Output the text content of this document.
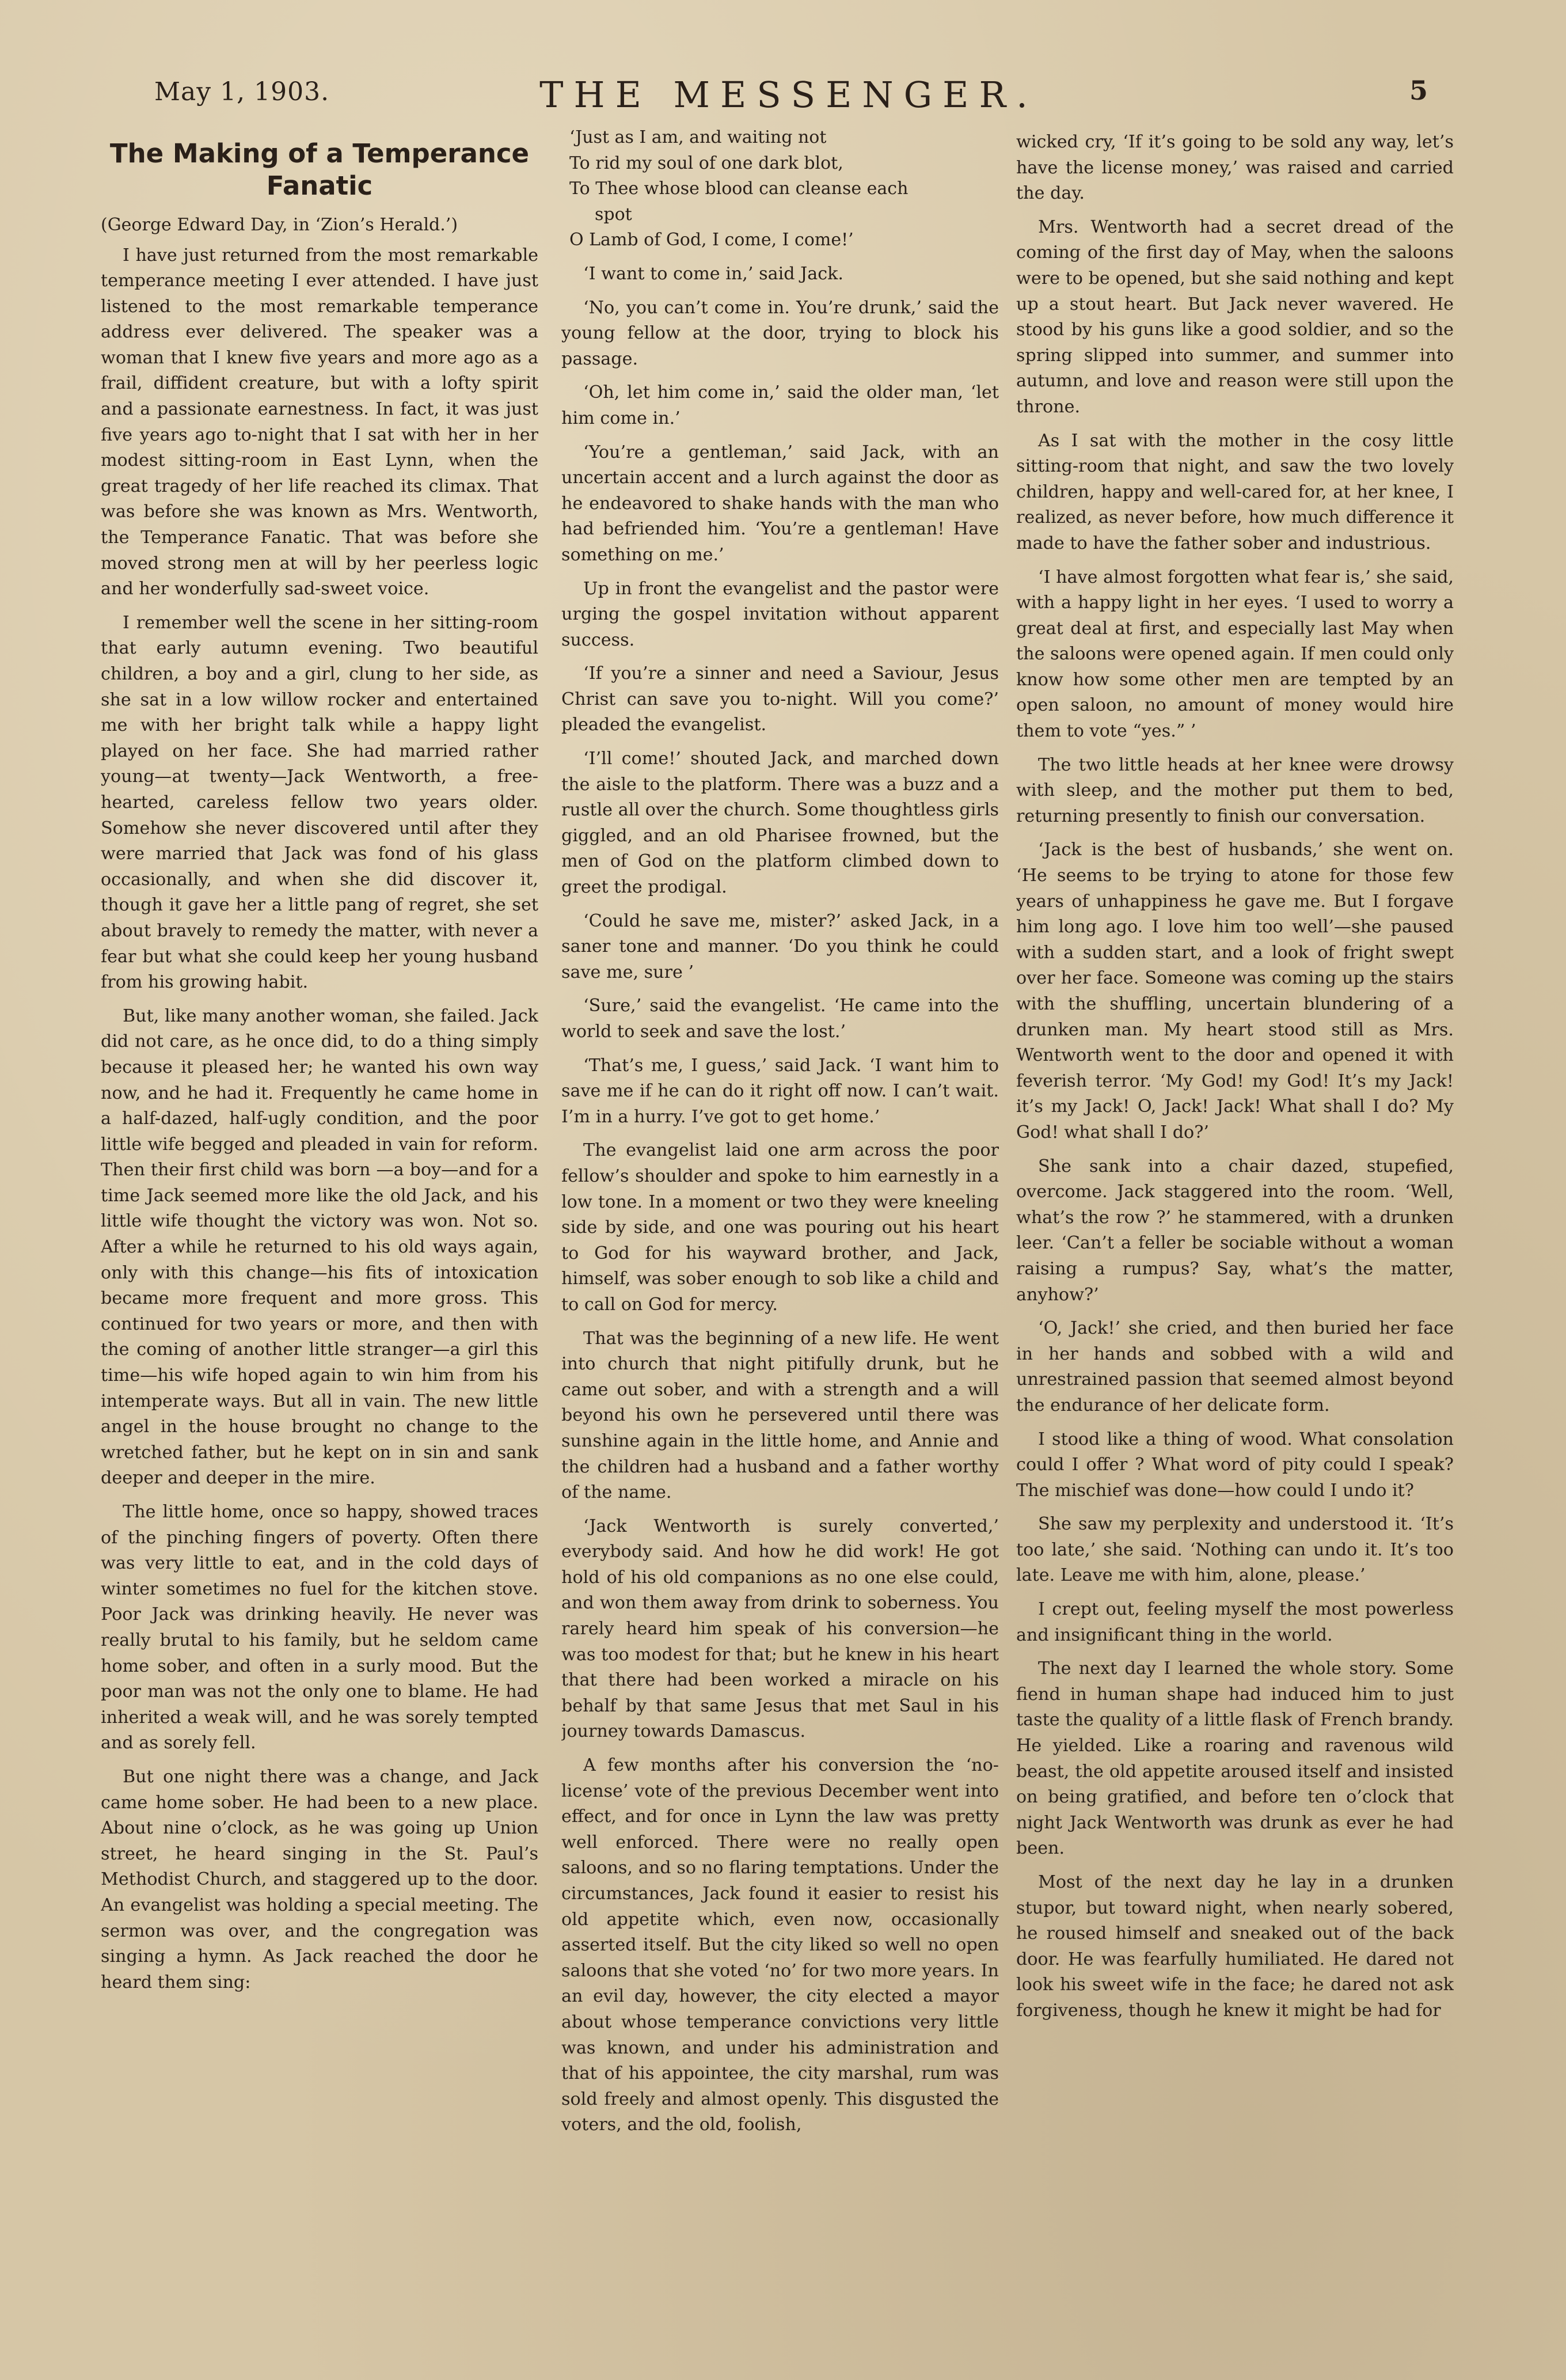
May 1, 1903.	THE MESSENGER.	5
The Making of a Temperance Fanatic
(George Edward Day, in ‘Zion’s Herald.’)

I have just returned from the most remarkable temperance meeting I ever attended. I have just listened to the most remarkable temperance address ever delivered. The speaker was a woman that I knew five years and more ago as a frail, diffident creature, but with a lofty spirit and a passionate earnestness. In fact, it was just five years ago to-night that I sat with her in her modest sitting-room in East Lynn, when the great tragedy of her life reached its climax. That was before she was known as Mrs. Wentworth, the Temperance Fanatic. That was before she moved strong men at will by her peerless logic and her wonderfully sad-sweet voice.

I remember well the scene in her sitting-room that early autumn evening. Two beautiful children, a boy and a girl, clung to her side, as she sat in a low willow rocker and entertained me with her bright talk while a happy light played on her face. She had married rather young—at twenty—Jack Wentworth, a free-hearted, careless fellow two years older. Somehow she never discovered until after they were married that Jack was fond of his glass occasionally, and when she did discover it, though it gave her a little pang of regret, she set about bravely to remedy the matter, with never a fear but what she could keep her young husband from his growing habit.

But, like many another woman, she failed. Jack did not care, as he once did, to do a thing simply because it pleased her; he wanted his own way now, and he had it. Frequently he came home in a half-dazed, half-ugly condition, and the poor little wife begged and pleaded in vain for reform. Then their first child was born —a boy—and for a time Jack seemed more like the old Jack, and his little wife thought the victory was won. Not so. After a while he returned to his old ways again, only with this change—his fits of intoxication became more frequent and more gross. This continued for two years or more, and then with the coming of another little stranger—a girl this time—his wife hoped again to win him from his intemperate ways. But all in vain. The new little angel in the house brought no change to the wretched father, but he kept on in sin and sank deeper and deeper in the mire.

The little home, once so happy, showed traces of the pinching fingers of poverty. Often there was very little to eat, and in the cold days of winter sometimes no fuel for the kitchen stove. Poor Jack was drinking heavily. He never was really brutal to his family, but he seldom came home sober, and often in a surly mood. But the poor man was not the only one to blame. He had inherited a weak will, and he was sorely tempted and as sorely fell.

But one night there was a change, and Jack came home sober. He had been to a new place. About nine o’clock, as he was going up Union street, he heard singing in the St. Paul’s Methodist Church, and staggered up to the door. An evangelist was holding a special meeting. The sermon was over, and the congregation was singing a hymn. As Jack reached the door he heard them sing:

‘Just as I am, and waiting not
To rid my soul of one dark blot,
To Thee whose blood can cleanse each
spot
O Lamb of God, I come, I come!’

‘I want to come in,’ said Jack.

‘No, you can’t come in. You’re drunk,’ said the young fellow at the door, trying to block his passage.

‘Oh, let him come in,’ said the older man, ‘let him come in.’

‘You’re a gentleman,’ said Jack, with an uncertain accent and a lurch against the door as he endeavored to shake hands with the man who had befriended him. ‘You’re a gentleman! Have something on me.’

Up in front the evangelist and the pastor were urging the gospel invitation without apparent success.

‘If you’re a sinner and need a Saviour, Jesus Christ can save you to-night. Will you come?’ pleaded the evangelist.

‘I’ll come!’ shouted Jack, and marched down the aisle to the platform. There was a buzz and a rustle all over the church. Some thoughtless girls giggled, and an old Pharisee frowned, but the men of God on the platform climbed down to greet the prodigal.

‘Could he save me, mister?’ asked Jack, in a saner tone and manner. ‘Do you think he could save me, sure ’

‘Sure,’ said the evangelist. ‘He came into the world to seek and save the lost.’

‘That’s me, I guess,’ said Jack. ‘I want him to save me if he can do it right off now. I can’t wait. I’m in a hurry. I’ve got to get home.’

The evangelist laid one arm across the poor fellow’s shoulder and spoke to him earnestly in a low tone. In a moment or two they were kneeling side by side, and one was pouring out his heart to God for his wayward brother, and Jack, himself, was sober enough to sob like a child and to call on God for mercy.

That was the beginning of a new life. He went into church that night pitifully drunk, but he came out sober, and with a strength and a will beyond his own he persevered until there was sunshine again in the little home, and Annie and the children had a husband and a father worthy of the name.

‘Jack Wentworth is surely converted,’ everybody said. And how he did work! He got hold of his old companions as no one else could, and won them away from drink to soberness. You rarely heard him speak of his conversion—he was too modest for that; but he knew in his heart that there had been worked a miracle on his behalf by that same Jesus that met Saul in his journey towards Damascus.

A few months after his conversion the ‘no-license’ vote of the previous December went into effect, and for once in Lynn the law was pretty well enforced. There were no really open saloons, and so no flaring temptations. Under the circumstances, Jack found it easier to resist his old appetite which, even now, occasionally asserted itself. But the city liked so well no open saloons that she voted ‘no’ for two more years. In an evil day, however, the city elected a mayor about whose temperance convictions very little was known, and under his administration and that of his appointee, the city marshal, rum was sold freely and almost openly. This disgusted the voters, and the old, foolish,

wicked cry, ‘If it’s going to be sold any way, let’s have the license money,’ was raised and carried the day.

Mrs. Wentworth had a secret dread of the coming of the first day of May, when the saloons were to be opened, but she said nothing and kept up a stout heart. But Jack never wavered. He stood by his guns like a good soldier, and so the spring slipped into summer, and summer into autumn, and love and reason were still upon the throne.

As I sat with the mother in the cosy little sitting-room that night, and saw the two lovely children, happy and well-cared for, at her knee, I realized, as never before, how much difference it made to have the father sober and industrious.

‘I have almost forgotten what fear is,’ she said, with a happy light in her eyes. ‘I used to worry a great deal at first, and especially last May when the saloons were opened again. If men could only know how some other men are tempted by an open saloon, no amount of money would hire them to vote “yes.” ’

The two little heads at her knee were drowsy with sleep, and the mother put them to bed, returning presently to finish our conversation.

‘Jack is the best of husbands,’ she went on. ‘He seems to be trying to atone for those few years of unhappiness he gave me. But I forgave him long ago. I love him too well’—she paused with a sudden start, and a look of fright swept over her face. Someone was coming up the stairs with the shuffling, uncertain blundering of a drunken man. My heart stood still as Mrs. Wentworth went to the door and opened it with feverish terror. ‘My God! my God! It’s my Jack! it’s my Jack! O, Jack! Jack! What shall I do? My God! what shall I do?’

She sank into a chair dazed, stupefied, overcome. Jack staggered into the room. ‘Well, what’s the row ?’ he stammered, with a drunken leer. ‘Can’t a feller be sociable without a woman raising a rumpus? Say, what’s the matter, anyhow?’

‘O, Jack!’ she cried, and then buried her face in her hands and sobbed with a wild and unrestrained passion that seemed almost beyond the endurance of her delicate form.

I stood like a thing of wood. What consolation could I offer ? What word of pity could I speak? The mischief was done—how could I undo it?

She saw my perplexity and understood it. ‘It’s too late,’ she said. ‘Nothing can undo it. It’s too late. Leave me with him, alone, please.’

I crept out, feeling myself the most powerless and insignificant thing in the world.

The next day I learned the whole story. Some fiend in human shape had induced him to just taste the quality of a little flask of French brandy. He yielded. Like a roaring and ravenous wild beast, the old appetite aroused itself and insisted on being gratified, and before ten o’clock that night Jack Wentworth was drunk as ever he had been.

Most of the next day he lay in a drunken stupor, but toward night, when nearly sobered, he roused himself and sneaked out of the back door. He was fearfully humiliated. He dared not look his sweet wife in the face; he dared not ask forgiveness, though he knew it might be had for
